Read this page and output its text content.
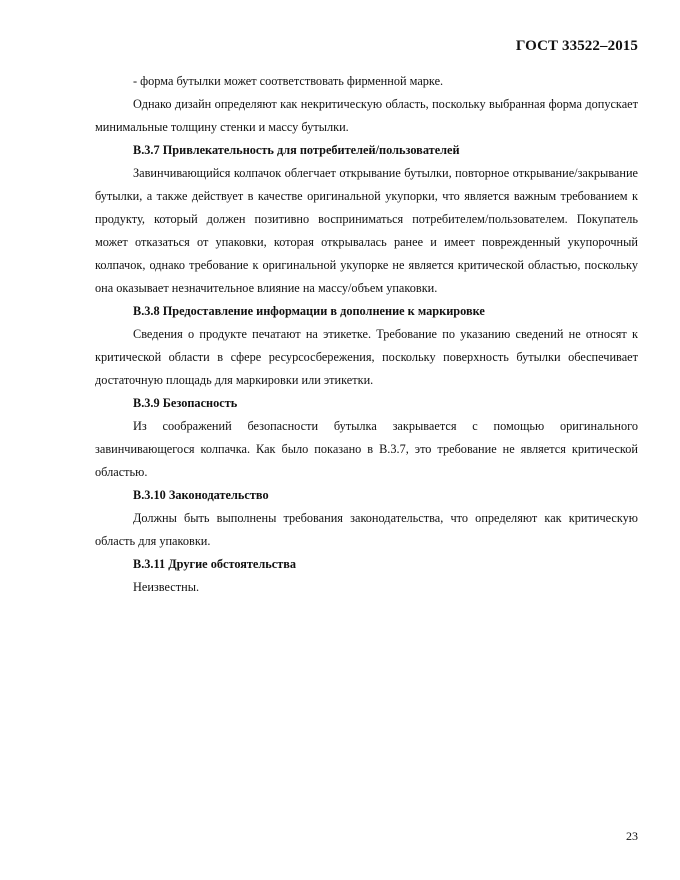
ГОСТ 33522–2015

- форма бутылки может соответствовать фирменной марке.

Однако дизайн определяют как некритическую область, поскольку выбранная форма допускает минимальные толщину стенки и массу бутылки.

В.3.7 Привлекательность для потребителей/пользователей

Завинчивающийся колпачок облегчает открывание бутылки, повторное открывание/закрывание бутылки, а также действует в качестве оригинальной укупорки, что является важным требованием к продукту, который должен позитивно восприниматься потребителем/пользователем. Покупатель может отказаться от упаковки, которая открывалась ранее и имеет поврежденный укупорочный колпачок, однако требование к оригинальной укупорке не является критической областью, поскольку она оказывает незначительное влияние на массу/объем упаковки.

В.3.8 Предоставление информации в дополнение к маркировке

Сведения о продукте печатают на этикетке. Требование по указанию сведений не относят к критической области в сфере ресурсосбережения, поскольку поверхность бутылки обеспечивает достаточную площадь для маркировки или этикетки.

В.3.9 Безопасность

Из соображений безопасности бутылка закрывается с помощью оригинального завинчивающегося колпачка. Как было показано в В.3.7, это требование не является критической областью.

В.3.10 Законодательство

Должны быть выполнены требования законодательства, что определяют как критическую область для упаковки.

В.3.11 Другие обстоятельства

Неизвестны.

23
